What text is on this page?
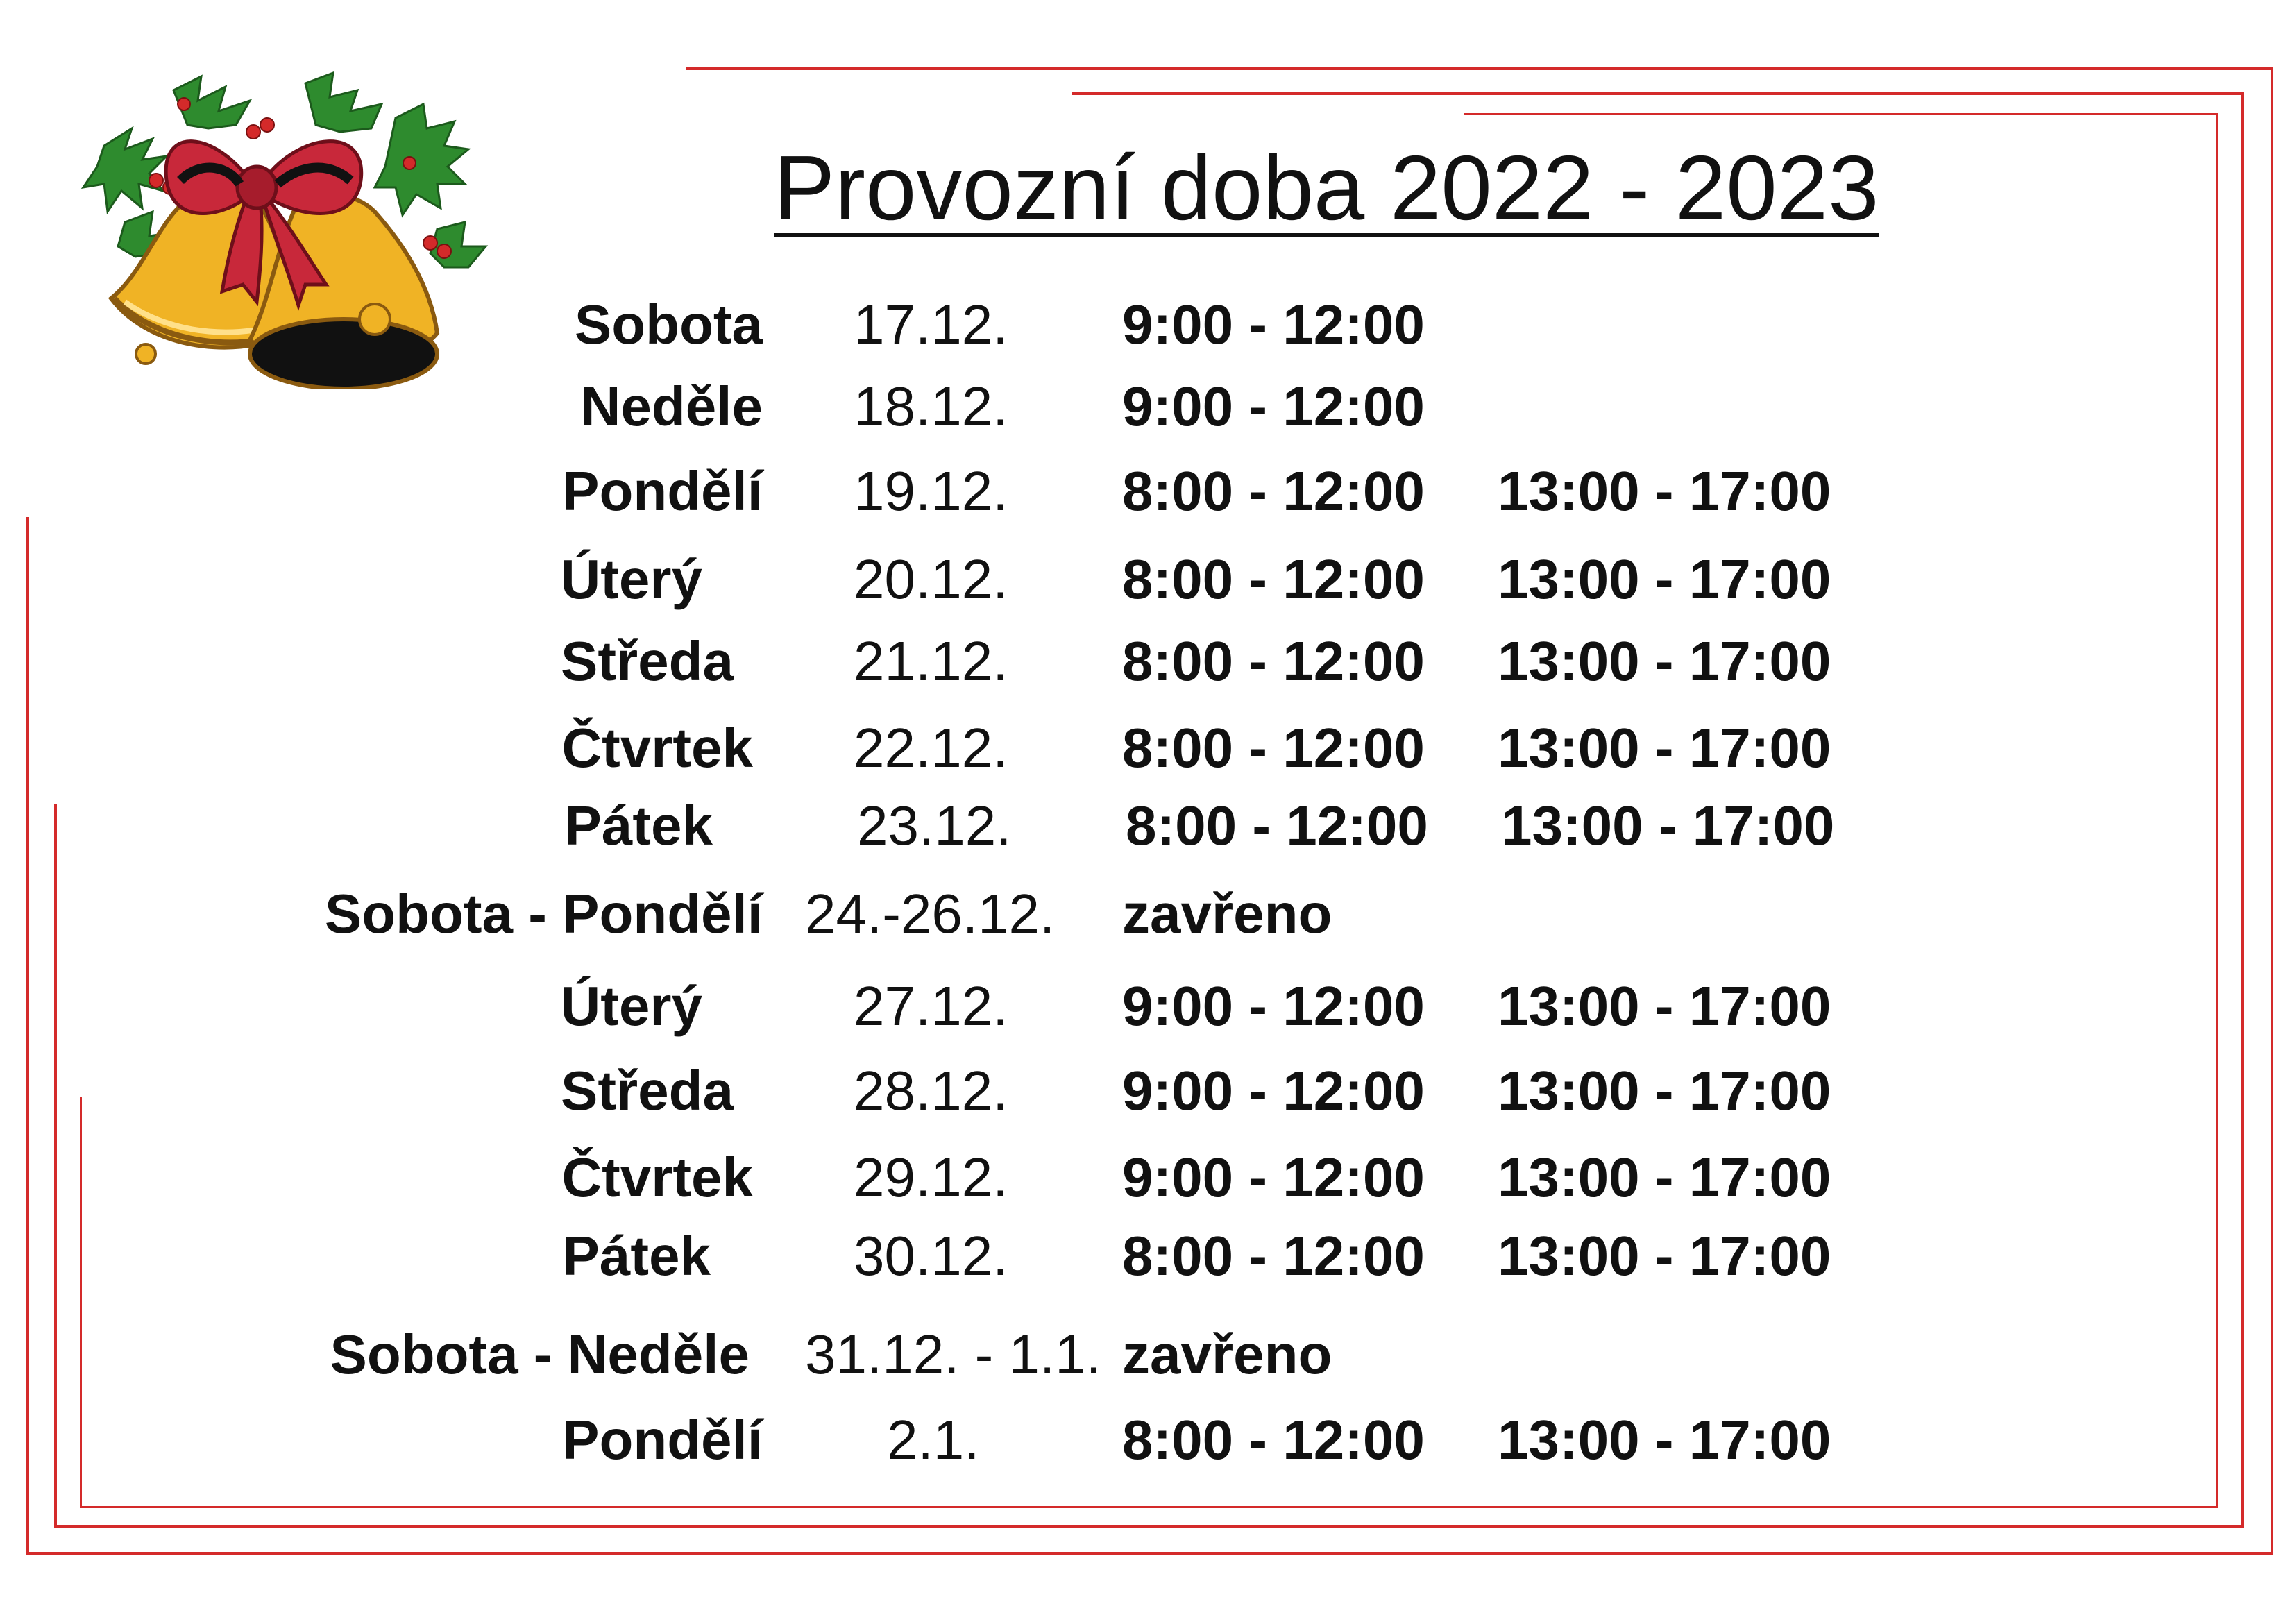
Provozní doba 2022 - 2023
Sobota 17.12.	9:00 - 12:00
Neděle 18.12.	9:00 - 12:00
Pondělí 19.12.	8:00 - 12:00 13:00 - 17:00
Úterý	20.12.	8:00 - 12:00 13:00 - 17:00
Středa 21.12.	8:00 - 12:00 13:00 - 17:00
Čtvrtek 22.12.	8:00 - 12:00 13:00 - 17:00
Pátek	23.12.	8:00 - 12:00 13:00 - 17:00
Sobota - Pondělí 24.-26.12.	zavřeno
Úterý	27.12.	9:00 - 12:00 13:00 - 17:00
Středa 28.12.	9:00 - 12:00 13:00 - 17:00
Čtvrtek 29.12.	9:00 - 12:00 13:00 - 17:00
Pátek	30.12.	8:00 - 12:00 13:00 - 17:00
Sobota - Neděle 31.12. - 1.1. zavřeno
Pondělí 2.1.	8:00 - 12:00 13:00 - 17:00
